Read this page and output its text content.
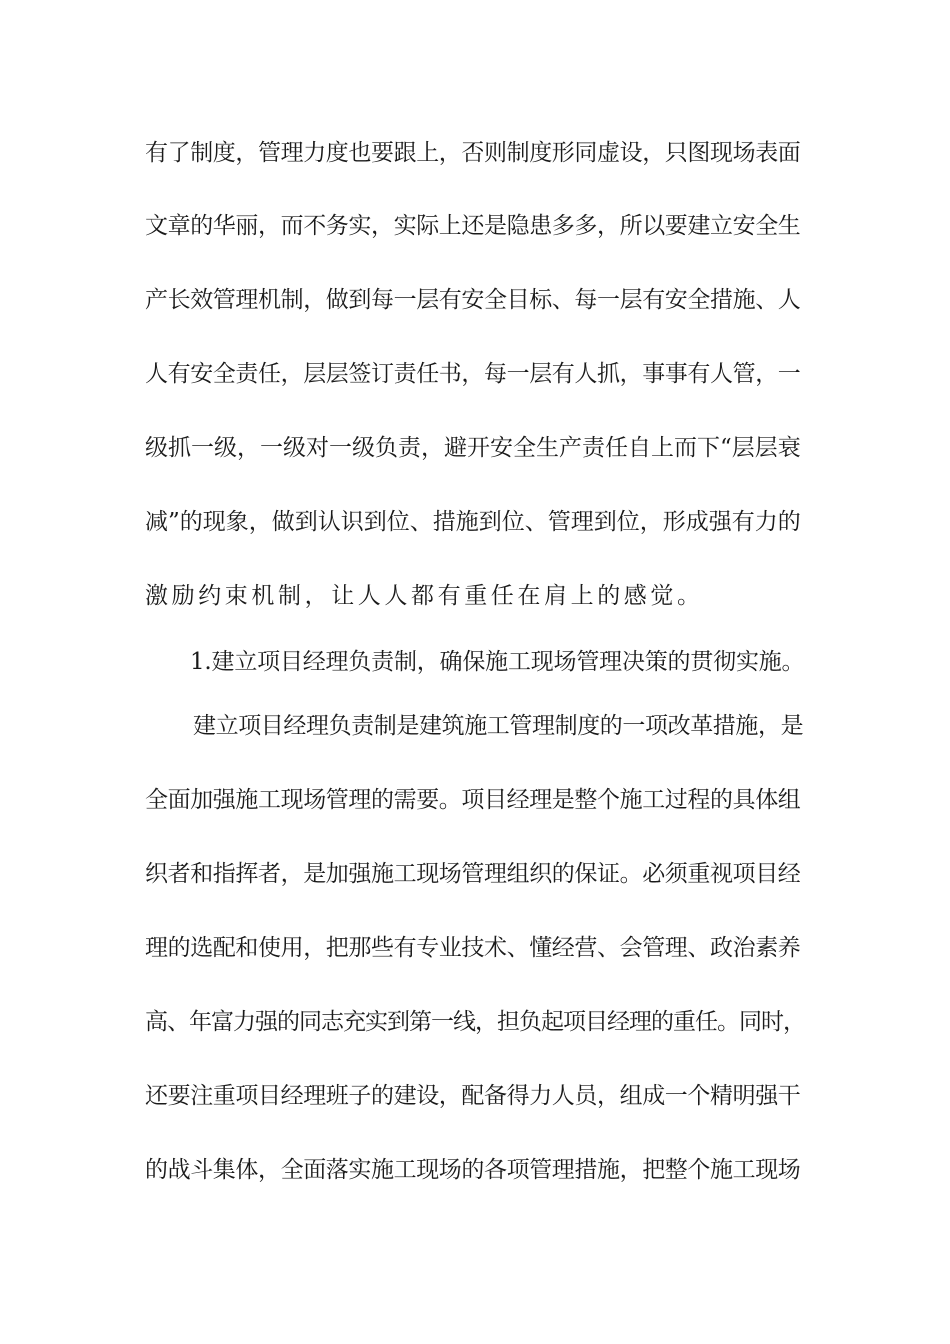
有了制度，管理力度也要跟上，否则制度形同虚设，只图现场表面
文章的华丽，而不务实，实际上还是隐患多多，所以要建立安全生
产长效管理机制，做到每一层有安全目标、每一层有安全措施、人
人有安全责任，层层签订责任书，每一层有人抓，事事有人管，一
级抓一级，一级对一级负责，避开安全生产责任自上而下“层层衰
减”的现象，做到认识到位、措施到位、管理到位，形成强有力的
激励约束机制，让人人都有重任在肩上的感觉。
1.建立项目经理负责制，确保施工现场管理决策的贯彻实施。
建立项目经理负责制是建筑施工管理制度的一项改革措施，是
全面加强施工现场管理的需要。项目经理是整个施工过程的具体组
织者和指挥者，是加强施工现场管理组织的保证。必须重视项目经
理的选配和使用，把那些有专业技术、懂经营、会管理、政治素养
高、年富力强的同志充实到第一线，担负起项目经理的重任。同时，
还要注重项目经理班子的建设，配备得力人员，组成一个精明强干
的战斗集体，全面落实施工现场的各项管理措施，把整个施工现场
